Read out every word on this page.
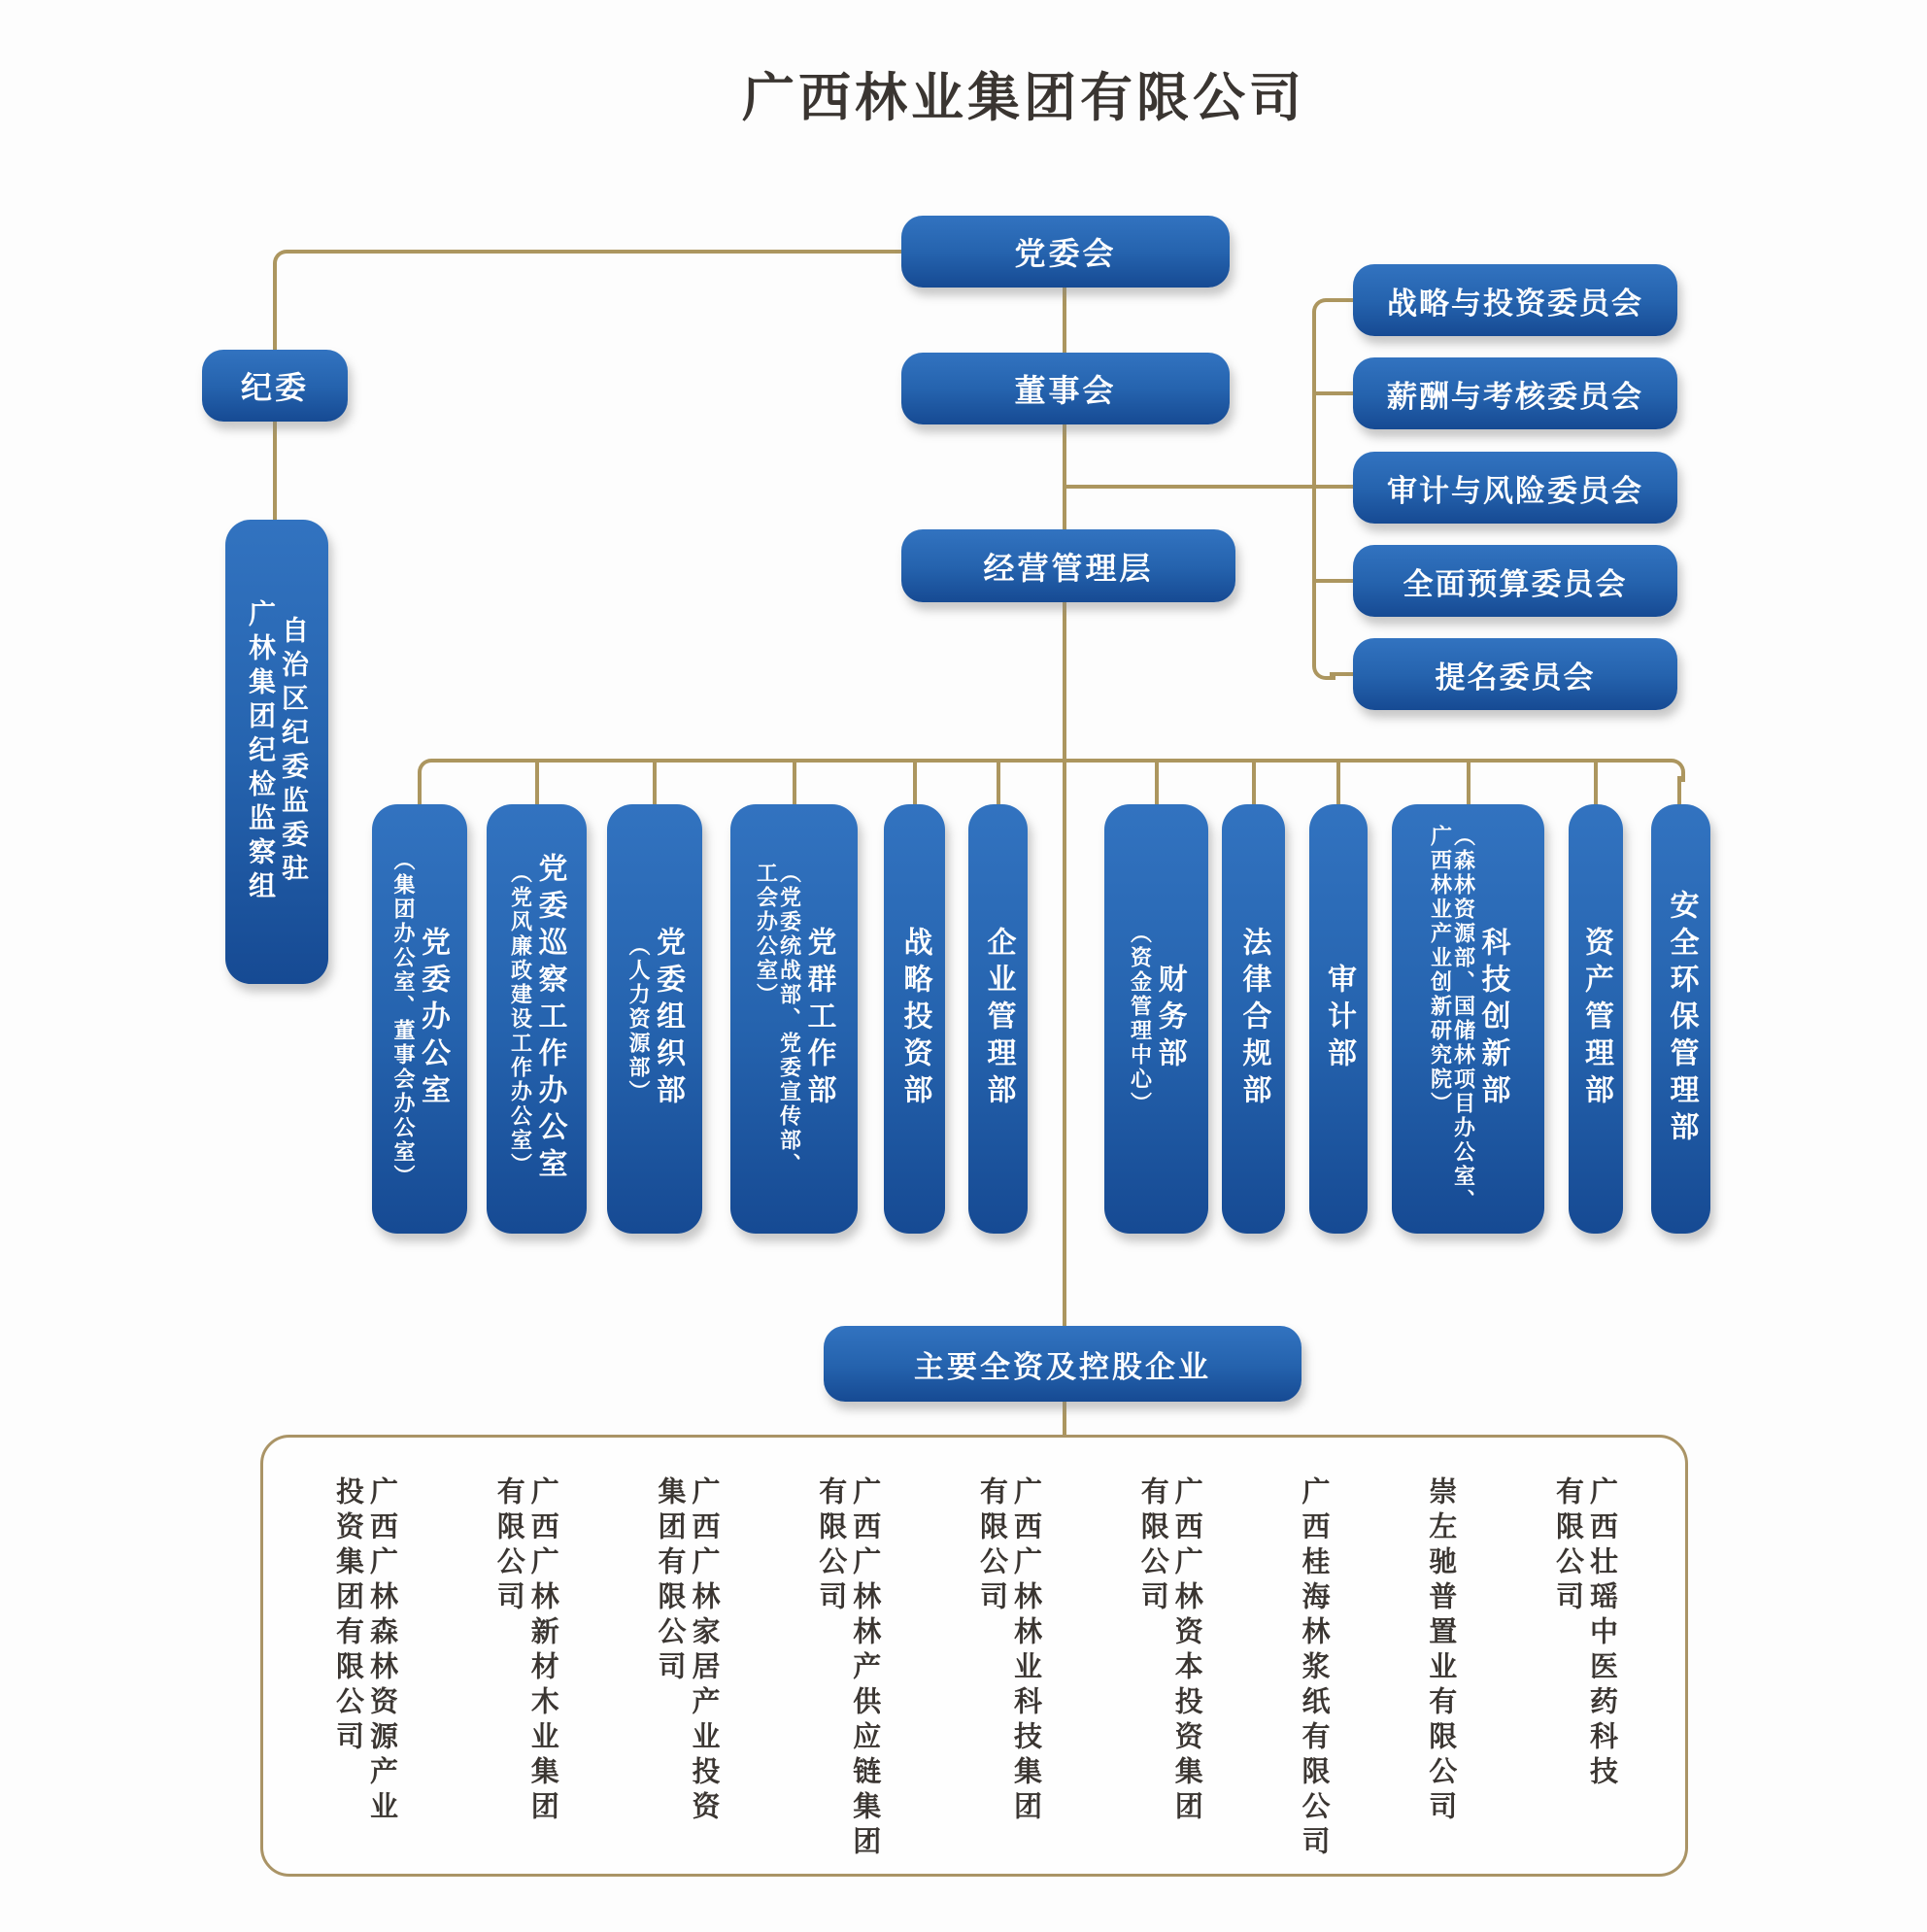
广西林业集团有限公司
党委会
纪委	董事会
经营管理层
自治区纪委监委驻
广林集团纪检监察组
战略与投资委员会
薪酬与考核委员会
审计与风险委员会
全面预算委员会
提名委员会
党委办公室
（集团办公室、董事会办公室）	党委巡察工作办公室
（党风廉政建设工作办公室）	党委组织部
（人力资源部）	党群工作部
（党委统战部、党委宣传部、
工会办公室）	战略投资部 企业管理部	财务部
（资金管理中心）	法律合规部 审计部	科技创新部
（森林资源部、国储林项目办公室、
广西林业产业创新研究院）	资产管理部 安全环保管理部
主要全资及控股企业
广西广林森林资源产业
投资集团有限公司	广西广林新材木业集团
有限公司	广西广林家居产业投资
集团有限公司	广西广林林产供应链集团
有限公司	广西广林林业科技集团
有限公司	广西广林资本投资集团
有限公司	广西桂海林浆纸有限公司	崇左驰普置业有限公司	广西壮瑶中医药科技
有限公司
